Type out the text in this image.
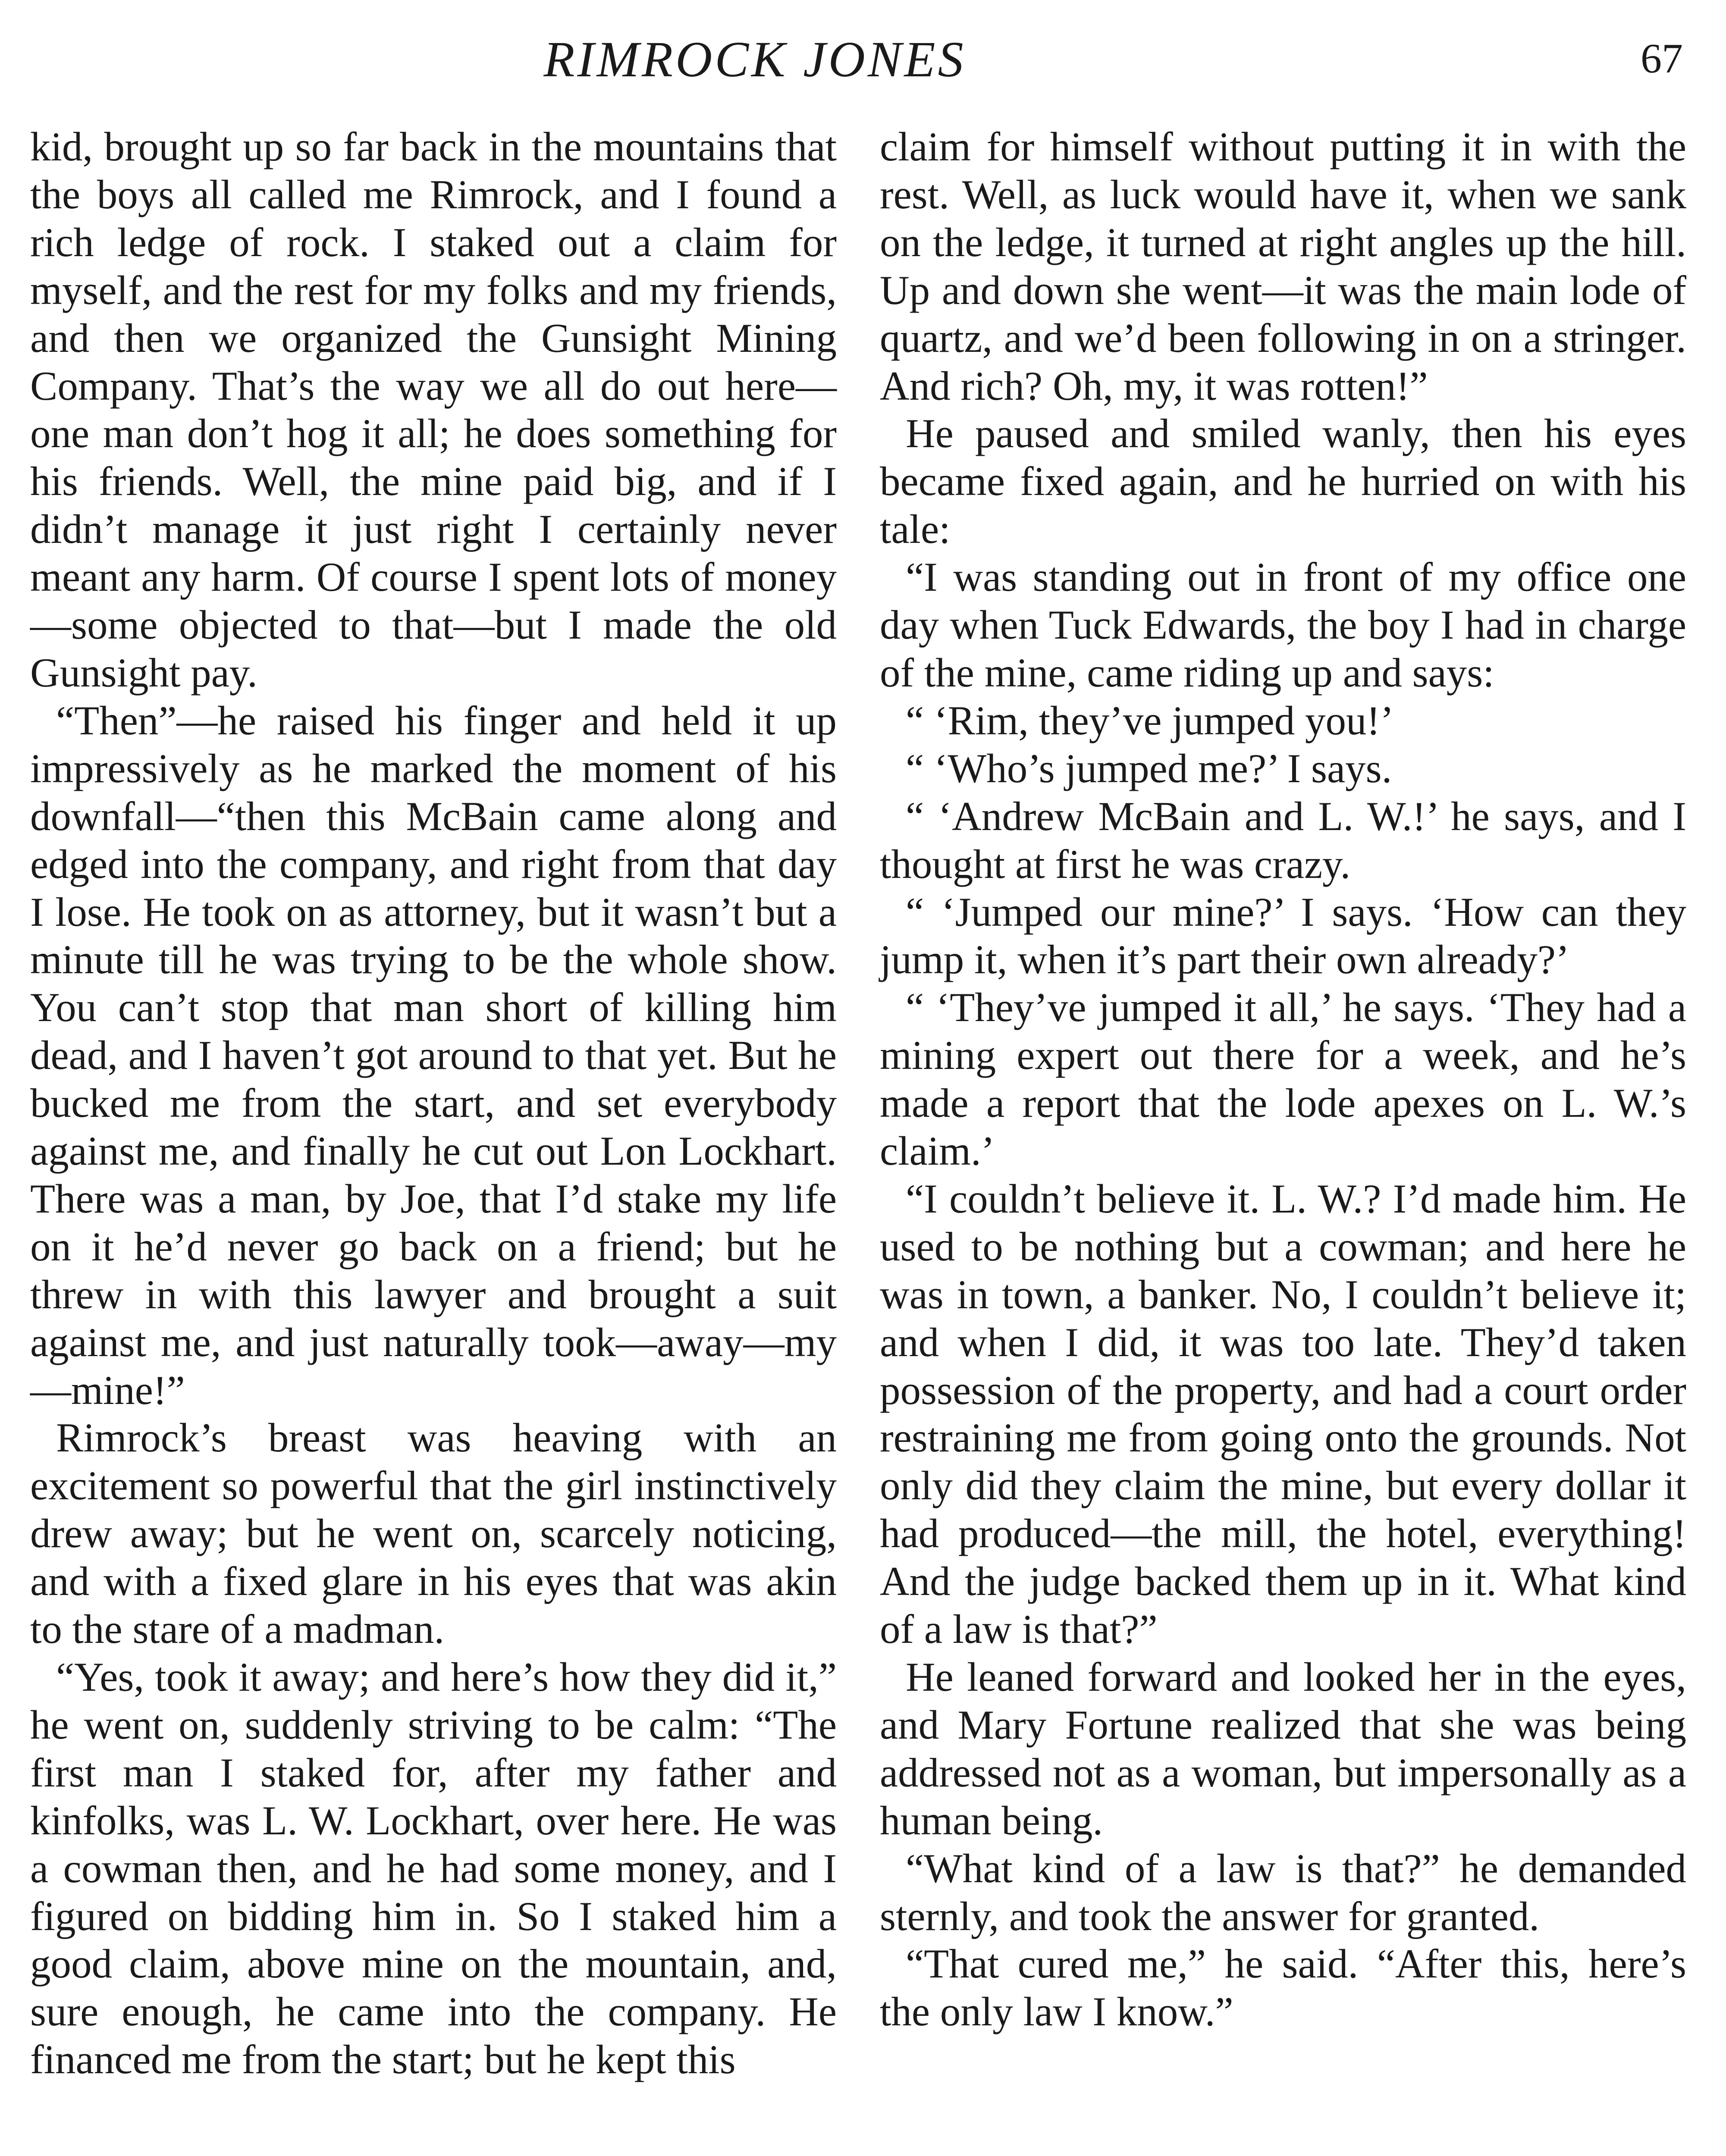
RIMROCK JONES	67

kid, brought up so far back in the mountains that the boys all called me Rimrock, and I found a rich ledge of rock. I staked out a claim for myself, and the rest for my folks and my friends, and then we organized the Gunsight Mining Company. That’s the way we all do out here—one man don’t hog it all; he does something for his friends. Well, the mine paid big, and if I didn’t manage it just right I certainly never meant any harm. Of course I spent lots of money—some objected to that—but I made the old Gunsight pay.

“Then”—he raised his finger and held it up impressively as he marked the moment of his downfall—“then this McBain came along and edged into the company, and right from that day I lose. He took on as attorney, but it wasn’t but a minute till he was trying to be the whole show. You can’t stop that man short of killing him dead, and I haven’t got around to that yet. But he bucked me from the start, and set everybody against me, and finally he cut out Lon Lockhart. There was a man, by Joe, that I’d stake my life on it he’d never go back on a friend; but he threw in with this lawyer and brought a suit against me, and just naturally took—away—my—mine!”

Rimrock’s breast was heaving with an excitement so powerful that the girl instinctively drew away; but he went on, scarcely noticing, and with a fixed glare in his eyes that was akin to the stare of a madman.

“Yes, took it away; and here’s how they did it,” he went on, suddenly striving to be calm: “The first man I staked for, after my father and kinfolks, was L. W. Lockhart, over here. He was a cowman then, and he had some money, and I figured on bidding him in. So I staked him a good claim, above mine on the mountain, and, sure enough, he came into the company. He financed me from the start; but he kept this

claim for himself without putting it in with the rest. Well, as luck would have it, when we sank on the ledge, it turned at right angles up the hill. Up and down she went—it was the main lode of quartz, and we’d been following in on a stringer. And rich? Oh, my, it was rotten!”

He paused and smiled wanly, then his eyes became fixed again, and he hurried on with his tale:

“I was standing out in front of my office one day when Tuck Edwards, the boy I had in charge of the mine, came riding up and says:

“ ‘Rim, they’ve jumped you!’

“ ‘Who’s jumped me?’ I says.

“ ‘Andrew McBain and L. W.!’ he says, and I thought at first he was crazy.

“ ‘Jumped our mine?’ I says. ‘How can they jump it, when it’s part their own already?’

“ ‘They’ve jumped it all,’ he says. ‘They had a mining expert out there for a week, and he’s made a report that the lode apexes on L. W.’s claim.’

“I couldn’t believe it. L. W.? I’d made him. He used to be nothing but a cowman; and here he was in town, a banker. No, I couldn’t believe it; and when I did, it was too late. They’d taken possession of the property, and had a court order restraining me from going onto the grounds. Not only did they claim the mine, but every dollar it had produced—the mill, the hotel, everything! And the judge backed them up in it. What kind of a law is that?”

He leaned forward and looked her in the eyes, and Mary Fortune realized that she was being addressed not as a woman, but impersonally as a human being.

“What kind of a law is that?” he demanded sternly, and took the answer for granted.

“That cured me,” he said. “After this, here’s the only law I know.”
